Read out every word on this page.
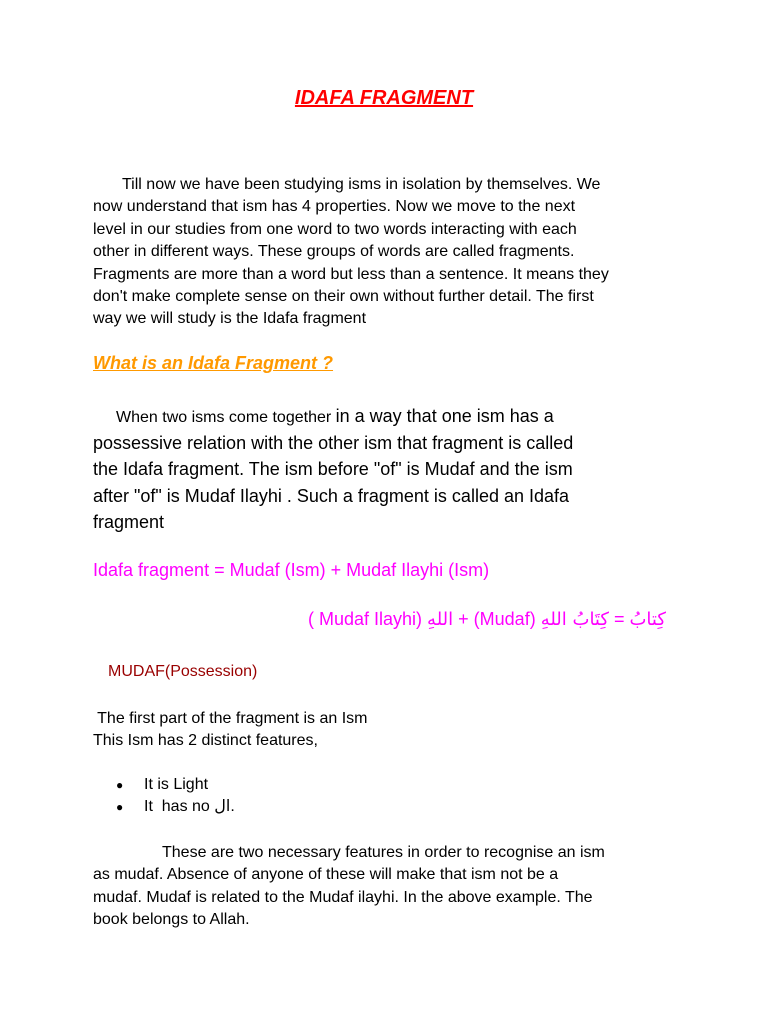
IDAFA FRAGMENT
Till now we have been studying isms in isolation by themselves. We
now understand that ism has 4 properties. Now we move to the next
level in our studies from one word to two words interacting with each
other in different ways. These groups of words are called fragments.
Fragments are more than a word but less than a sentence. It means they
don't make complete sense on their own without further detail. The first
way we will study is the Idafa fragment
What is an Idafa Fragment ?
When two isms come together in a way that one ism has a
possessive relation with the other ism that fragment is called
the Idafa fragment. The ism before "of" is Mudaf and the ism
after "of" is Mudaf Ilayhi . Such a fragment is called an Idafa
fragment
Idafa fragment = Mudaf (Ism) + Mudaf Ilayhi (Ism)
( Mudaf Ilayhi) اللهِ + (Mudaf)	كِتابُ = كِتَابُ اللهِ
MUDAF(Possession)
The first part of the fragment is an Ism
This Ism has 2 distinct features,
● It is Light
● It  has no ال.
These are two necessary features in order to recognise an ism
as mudaf. Absence of anyone of these will make that ism not be a
mudaf. Mudaf is related to the Mudaf ilayhi. In the above example. The
book belongs to Allah.
